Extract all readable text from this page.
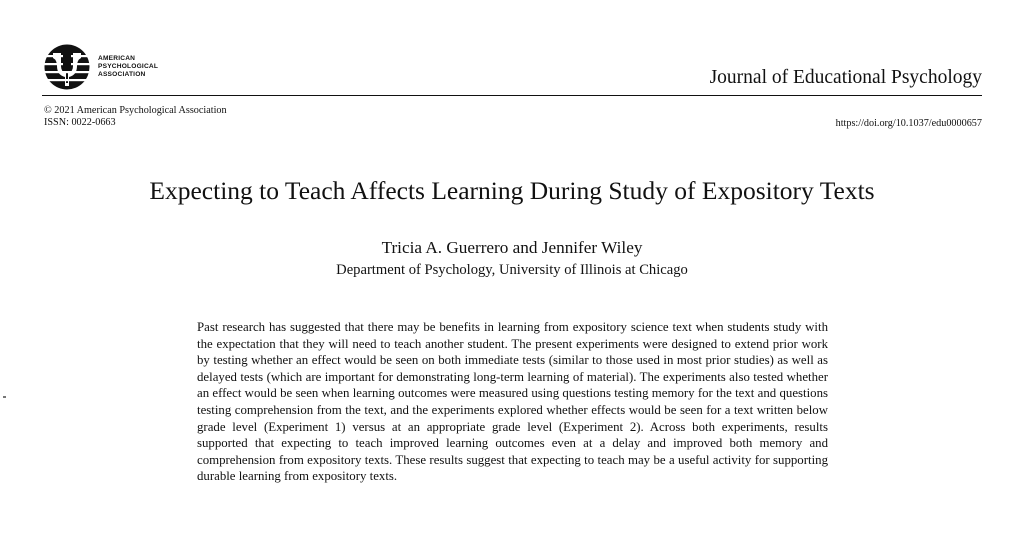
AMERICAN
PSYCHOLOGICAL
ASSOCIATION	Journal of Educational Psychology
© 2021 American Psychological Association
ISSN: 0022-0663	https://doi.org/10.1037/edu0000657
Expecting to Teach Affects Learning During Study of Expository Texts
Tricia A. Guerrero and Jennifer Wiley
Department of Psychology, University of Illinois at Chicago
Past research has suggested that there may be benefits in learning from expository science text when students study with the expectation that they will need to teach another student. The present experiments were designed to extend prior work by testing whether an effect would be seen on both immediate tests (similar to those used in most prior studies) as well as delayed tests (which are important for demonstrating long-term learning of material). The experiments also tested whether an effect would be seen when learning outcomes were measured using questions testing memory for the text and questions testing comprehension from the text, and the experiments explored whether effects would be seen for a text written below grade level (Experiment 1) versus at an appropriate grade level (Experiment 2). Across both experiments, results supported that expecting to teach improved learning outcomes even at a delay and improved both memory and comprehension from expository texts. These results suggest that expecting to teach may be a useful activity for supporting durable learning from expository texts.
